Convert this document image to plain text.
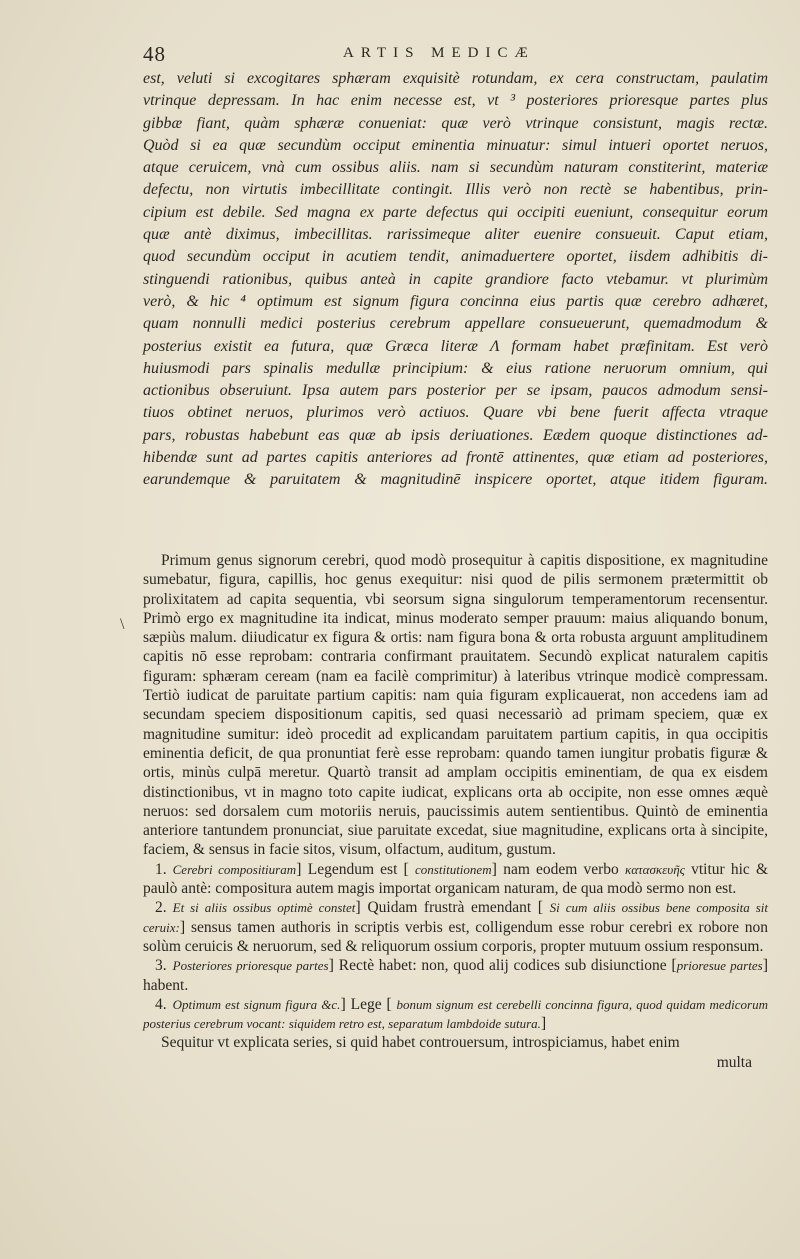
48	ARTIS MEDICÆ

est, veluti si excogitares sphæram exquisitè rotundam, ex cera constructam, paulatim

vtrinque depressam. In hac enim necesse est, vt ³ posteriores prioresque partes plus

gibbæ fiant, quàm sphæræ conueniat: quæ verò vtrinque consistunt, magis rectæ.

Quòd si ea quæ secundùm occiput eminentia minuatur: simul intueri oportet neruos,

atque ceruicem, vnà cum ossibus aliis. nam si secundùm naturam constiterint, materiæ

defectu, non virtutis imbecillitate contingit. Illis verò non rectè se habentibus, prin-

cipium est debile. Sed magna ex parte defectus qui occipiti eueniunt, consequitur eorum

quæ antè diximus, imbecillitas. rarissimeque aliter euenire consueuit. Caput etiam,

quod secundùm occiput in acutiem tendit, animaduertere oportet, iisdem adhibitis di-

stinguendi rationibus, quibus anteà in capite grandiore facto vtebamur. vt plurimùm

verò, & hic ⁴ optimum est signum figura concinna eius partis quæ cerebro adhæret,

quam nonnulli medici posterius cerebrum appellare consueuerunt, quemadmodum &

posterius existit ea futura, quæ Græca literæ Λ formam habet præfinitam. Est verò

huiusmodi pars spinalis medullæ principium: & eius ratione neruorum omnium, qui

actionibus obseruiunt. Ipsa autem pars posterior per se ipsam, paucos admodum sensi-

tiuos obtinet neruos, plurimos verò actiuos. Quare vbi bene fuerit affecta vtraque

pars, robustas habebunt eas quæ ab ipsis deriuationes. Eædem quoque distinctiones ad-

hibendæ sunt ad partes capitis anteriores ad frontē attinentes, quæ etiam ad posteriores,

earundemque & paruitatem & magnitudinē inspicere oportet, atque itidem figuram.

\

Primum genus signorum cerebri, quod modò prosequitur à capitis dispositione, ex magnitudine sumebatur, figura, capillis, hoc genus exequitur: nisi quod de pilis sermonem prætermittit ob prolixitatem ad capita sequentia, vbi seorsum signa singulorum temperamentorum recensentur. Primò ergo ex magnitudine ita indicat, minus moderato semper prauum: maius aliquando bonum, sæpiùs malum. diiudicatur ex figura & ortis: nam figura bona & orta robusta arguunt amplitudinem capitis nō esse reprobam: contraria confirmant prauitatem. Secundò explicat naturalem capitis figuram: sphæram ceream (nam ea facilè comprimitur) à lateribus vtrinque modicè compressam. Tertiò iudicat de paruitate partium capitis: nam quia figuram explicauerat, non accedens iam ad secundam speciem dispositionum capitis, sed quasi necessariò ad primam speciem, quæ ex magnitudine sumitur: ideò procedit ad explicandam paruitatem partium capitis, in qua occipitis eminentia deficit, de qua pronuntiat ferè esse reprobam: quando tamen iungitur probatis figuræ & ortis, minùs culpā meretur. Quartò transit ad amplam occipitis eminentiam, de qua ex eisdem distinctionibus, vt in magno toto capite iudicat, explicans orta ab occipite, non esse omnes æquè neruos: sed dorsalem cum motoriis neruis, paucissimis autem sentientibus. Quintò de eminentia anteriore tantundem pronunciat, siue paruitate excedat, siue magnitudine, explicans orta à sincipite, faciem, & sensus in facie sitos, visum, olfactum, auditum, gustum.

1. Cerebri compositiuram] Legendum est [ constitutionem] nam eodem verbo κατασκευῆς vtitur hic & paulò antè: compositura autem magis importat organicam naturam, de qua modò sermo non est.

2. Et si aliis ossibus optimè constet] Quidam frustrà emendant [ Si cum aliis ossibus bene composita sit ceruix:] sensus tamen authoris in scriptis verbis est, colligendum esse robur cerebri ex robore non solùm ceruicis & neruorum, sed & reliquorum ossium corporis, propter mutuum ossium responsum.

3. Posteriores prioresque partes] Rectè habet: non, quod alij codices sub disiunctione [prioresue partes] habent.

4. Optimum est signum figura &c.] Lege [ bonum signum est cerebelli concinna figura, quod quidam medicorum posterius cerebrum vocant: siquidem retro est, separatum lambdoide sutura.]

Sequitur vt explicata series, si quid habet controuersum, introspiciamus, habet enim

multa
